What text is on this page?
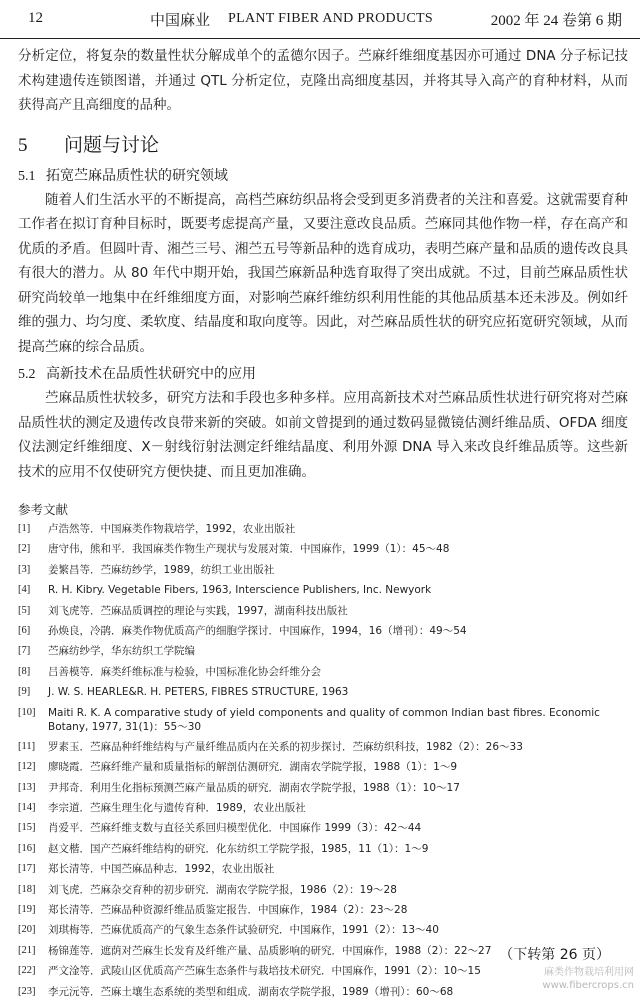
12	中国麻业 PLANT FIBER AND PRODUCTS	2002 年 24 卷第 6 期

分析定位，将复杂的数量性状分解成单个的孟德尔因子。苎麻纤维细度基因亦可通过 DNA 分子标记技术构建遗传连锁图谱，并通过 QTL 分析定位，克隆出高细度基因，并将其导入高产的育种材料，从而获得高产且高细度的品种。

5 问题与讨论
5.1 拓宽苎麻品质性状的研究领域

随着人们生活水平的不断提高，高档苎麻纺织品将会受到更多消费者的关注和喜爱。这就需要育种工作者在拟订育种目标时，既要考虑提高产量，又要注意改良品质。苎麻同其他作物一样，存在高产和优质的矛盾。但圆叶青、湘苎三号、湘苎五号等新品种的选育成功，表明苎麻产量和品质的遗传改良具有很大的潜力。从 80 年代中期开始，我国苎麻新品种选育取得了突出成就。不过，目前苎麻品质性状研究尚较单一地集中在纤维细度方面，对影响苎麻纤维纺织利用性能的其他品质基本还未涉及。例如纤维的强力、均匀度、柔软度、结晶度和取向度等。因此，对苎麻品质性状的研究应拓宽研究领域，从而提高苎麻的综合品质。

5.2 高新技术在品质性状研究中的应用

苎麻品质性状较多，研究方法和手段也多种多样。应用高新技术对苎麻品质性状进行研究将对苎麻品质性状的测定及遗传改良带来新的突破。如前文曾提到的通过数码显微镜估测纤维品质、OFDA 细度仪法测定纤维细度、X－射线衍射法测定纤维结晶度、利用外源 DNA 导入来改良纤维品质等。这些新技术的应用不仅使研究方便快捷、而且更加准确。

参考文献
[1]	卢浩然等．中国麻类作物栽培学，1992，农业出版社
[2]	唐守伟，熊和平．我国麻类作物生产现状与发展对策．中国麻作，1999（1）：45～48
[3]	姜繁昌等．苎麻纺纱学，1989，纺织工业出版社
[4]	R. H. Kibry. Vegetable Fibers, 1963, Interscience Publishers, Inc. Newyork
[5]	刘飞虎等．苎麻品质调控的理论与实践，1997，湖南科技出版社
[6]	孙焕良，冷鹃．麻类作物优质高产的细胞学探讨．中国麻作，1994，16（增刊）：49～54
[7]	苎麻纺纱学，华东纺织工学院编
[8]	吕善模等．麻类纤维标准与检验，中国标准化协会纤维分会
[9]	J. W. S. HEARLE&R. H. PETERS, FIBRES STRUCTURE, 1963
[10]	Maiti R. K. A comparative study of yield components and quality of common Indian bast fibres. Economic Botany, 1977, 31(1)：55～30
[11]	罗素玉．苎麻品种纤维结构与产量纤维品质内在关系的初步探讨．苎麻纺织科技，1982（2）：26～33
[12]	廖晓霞．苎麻纤维产量和质量指标的解剖估测研究．湖南农学院学报，1988（1）：1～9
[13]	尹邦奇．利用生化指标预测苎麻产量品质的研究．湖南农学院学报，1988（1）：10～17
[14]	李宗道．苎麻生理生化与遗传育种．1989，农业出版社
[15]	肖爱平．苎麻纤维支数与直径关系回归模型优化．中国麻作 1999（3）：42～44
[16]	赵文楷．国产苎麻纤维结构的研究．化东纺织工学院学报，1985，11（1）：1～9
[17]	郑长清等．中国苎麻品种志．1992，农业出版社
[18]	刘飞虎．苎麻杂交育种的初步研究．湖南农学院学报，1986（2）：19～28
[19]	郑长清等．苎麻品种资源纤维品质鉴定报告．中国麻作，1984（2）：23～28
[20]	刘琪梅等．苎麻优质高产的气象生态条件试验研究．中国麻作，1991（2）：13～40
[21]	杨锦莲等．遮荫对苎麻生长发育及纤维产量、品质影响的研究．中国麻作，1988（2）：22～27
[22]	严文淦等．武陵山区优质高产苎麻生态条件与栽培技术研究．中国麻作，1991（2）：10～15
[23]	李元沅等．苎麻土壤生态系统的类型和组成．湖南农学院学报，1989（增刊）：60～68
（下转第 26 页）
麻类作物栽培利用网 www.fibercrops.cn
